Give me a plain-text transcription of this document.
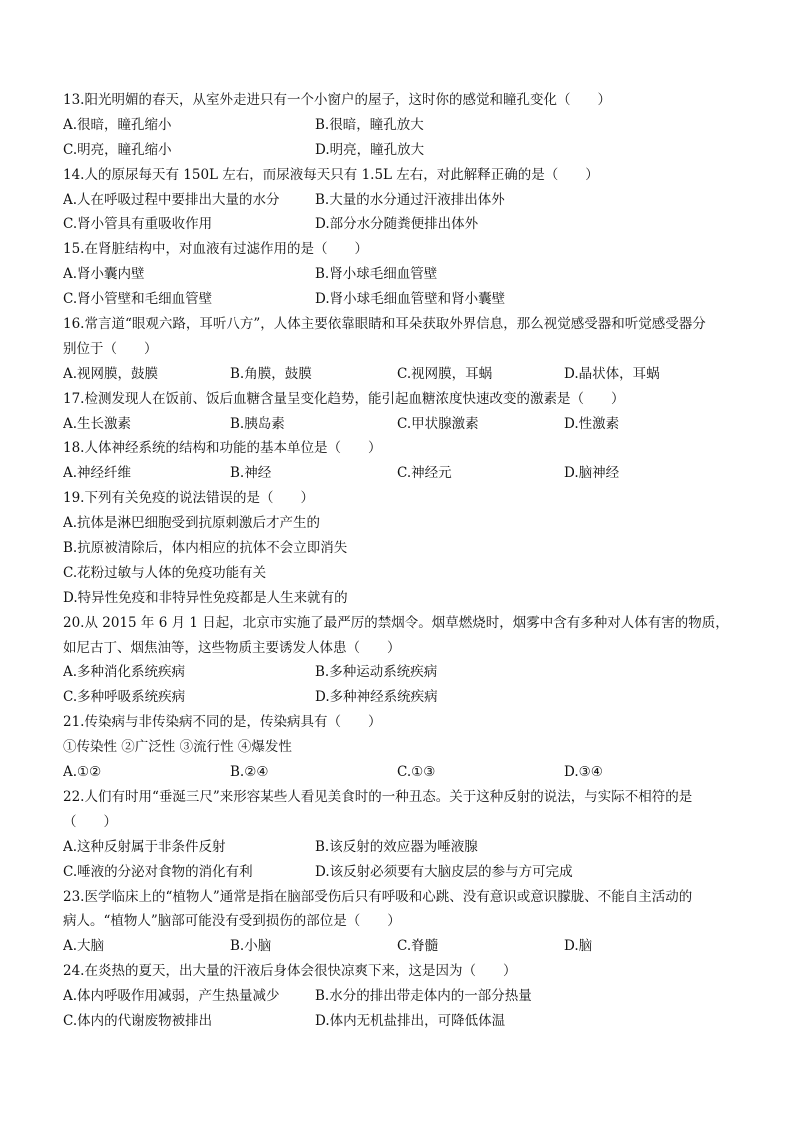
13.阳光明媚的春天，从室外走进只有一个小窗户的屋子，这时你的感觉和瞳孔变化（　　）
A.很暗，瞳孔缩小	B.很暗，瞳孔放大
C.明亮，瞳孔缩小	D.明亮，瞳孔放大
14.人的原尿每天有 150L 左右，而尿液每天只有 1.5L 左右，对此解释正确的是（　　）
A.人在呼吸过程中要排出大量的水分	B.大量的水分通过汗液排出体外
C.肾小管具有重吸收作用	D.部分水分随粪便排出体外
15.在肾脏结构中，对血液有过滤作用的是（　　）
A.肾小囊内壁	B.肾小球毛细血管壁
C.肾小管壁和毛细血管壁	D.肾小球毛细血管壁和肾小囊壁
16.常言道“眼观六路，耳听八方”，人体主要依靠眼睛和耳朵获取外界信息，那么视觉感受器和听觉感受器分
别位于（　　）
A.视网膜，鼓膜	B.角膜，鼓膜	C.视网膜，耳蜗	D.晶状体，耳蜗
17.检测发现人在饭前、饭后血糖含量呈变化趋势，能引起血糖浓度快速改变的激素是（　　）
A.生长激素	B.胰岛素	C.甲状腺激素	D.性激素
18.人体神经系统的结构和功能的基本单位是（　　）
A.神经纤维	B.神经	C.神经元	D.脑神经
19.下列有关免疫的说法错误的是（　　）
A.抗体是淋巴细胞受到抗原刺激后才产生的
B.抗原被清除后，体内相应的抗体不会立即消失
C.花粉过敏与人体的免疫功能有关
D.特异性免疫和非特异性免疫都是人生来就有的
20.从 2015 年 6 月 1 日起，北京市实施了最严厉的禁烟令。烟草燃烧时，烟雾中含有多种对人体有害的物质，
如尼古丁、烟焦油等，这些物质主要诱发人体患（　　）
A.多种消化系统疾病	B.多种运动系统疾病
C.多种呼吸系统疾病	D.多种神经系统疾病
21.传染病与非传染病不同的是，传染病具有（　　）
①传染性 ②广泛性 ③流行性 ④爆发性
A.①②	B.②④	C.①③	D.③④
22.人们有时用“垂涎三尺”来形容某些人看见美食时的一种丑态。关于这种反射的说法，与实际不相符的是
（　　）
A.这种反射属于非条件反射	B.该反射的效应器为唾液腺
C.唾液的分泌对食物的消化有利	D.该反射必须要有大脑皮层的参与方可完成
23.医学临床上的“植物人”通常是指在脑部受伤后只有呼吸和心跳、没有意识或意识朦胧、不能自主活动的
病人。“植物人”脑部可能没有受到损伤的部位是（　　）
A.大脑	B.小脑	C.脊髓	D.脑
24.在炎热的夏天，出大量的汗液后身体会很快凉爽下来，这是因为（　　）
A.体内呼吸作用减弱，产生热量减少	B.水分的排出带走体内的一部分热量
C.体内的代谢废物被排出	D.体内无机盐排出，可降低体温
